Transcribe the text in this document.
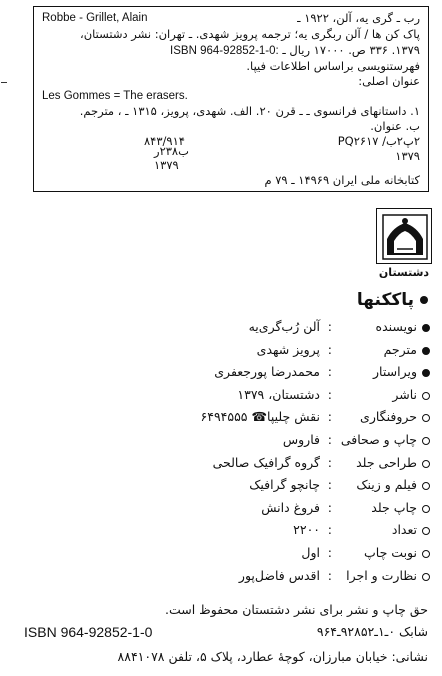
رب ـ گری یه، آلن، ۱۹۲۲ ـ
Robbe - Grillet, Alain
پاک کن ها / آلن ربگری یه؛ ترجمه پرویز شهدی. ـ تهران: نشر دشتستان،
۱۳۷۹. ۳۳۶ ص. ۱۷۰۰۰ ریال ـ ISBN 964-92852-1-0:
فهرستنویسی براساس اطلاعات فیپا.
عنوان اصلی:
Les Gommes = The erasers.
۱. داستانهای فرانسوی ـ ـ قرن ۲۰. الف. شهدی، پرویز، ۱۳۱۵ ـ ، مترجم.
ب. عنوان.
۲پ۲ب/ PQ۲۶۱۷
۸۴۳/۹۱۴
۱۳۷۹
ب۲۳۸ر
۱۳۷۹
کتابخانه ملی ایران ۱۴۹۶۹ ـ ۷۹ م
دشتستان
پاککنها
نویسنده
:
آلن رُب‌گری‌یه
مترجم
:
پرویز شهدی
ویراستار
:
محمدرضا پورجعفری
ناشر
:
دشتستان، ۱۳۷۹
حروفنگاری
:
نقش چلیپا☎ ۶۴۹۴۵۵۵
چاپ و صحافی
:
فاروس
طراحی جلد
:
گروه گرافیک صالحی
فیلم و زینک
:
چانچو گرافیک
چاپ جلد
:
فروغ دانش
تعداد
:
۲۲۰۰
نوبت چاپ
:
اول
نظارت و اجرا
:
اقدس فاضل‌پور
حق چاپ و نشر برای نشر دشتستان محفوظ است.
شابک ۰ـ۱ـ۹۲۸۵۲ـ۹۶۴
ISBN 964-92852-1-0
نشانی: خیابان مبارزان، کوچهٔ عطارد، پلاک ۵، تلفن ۸۸۴۱۰۷۸
